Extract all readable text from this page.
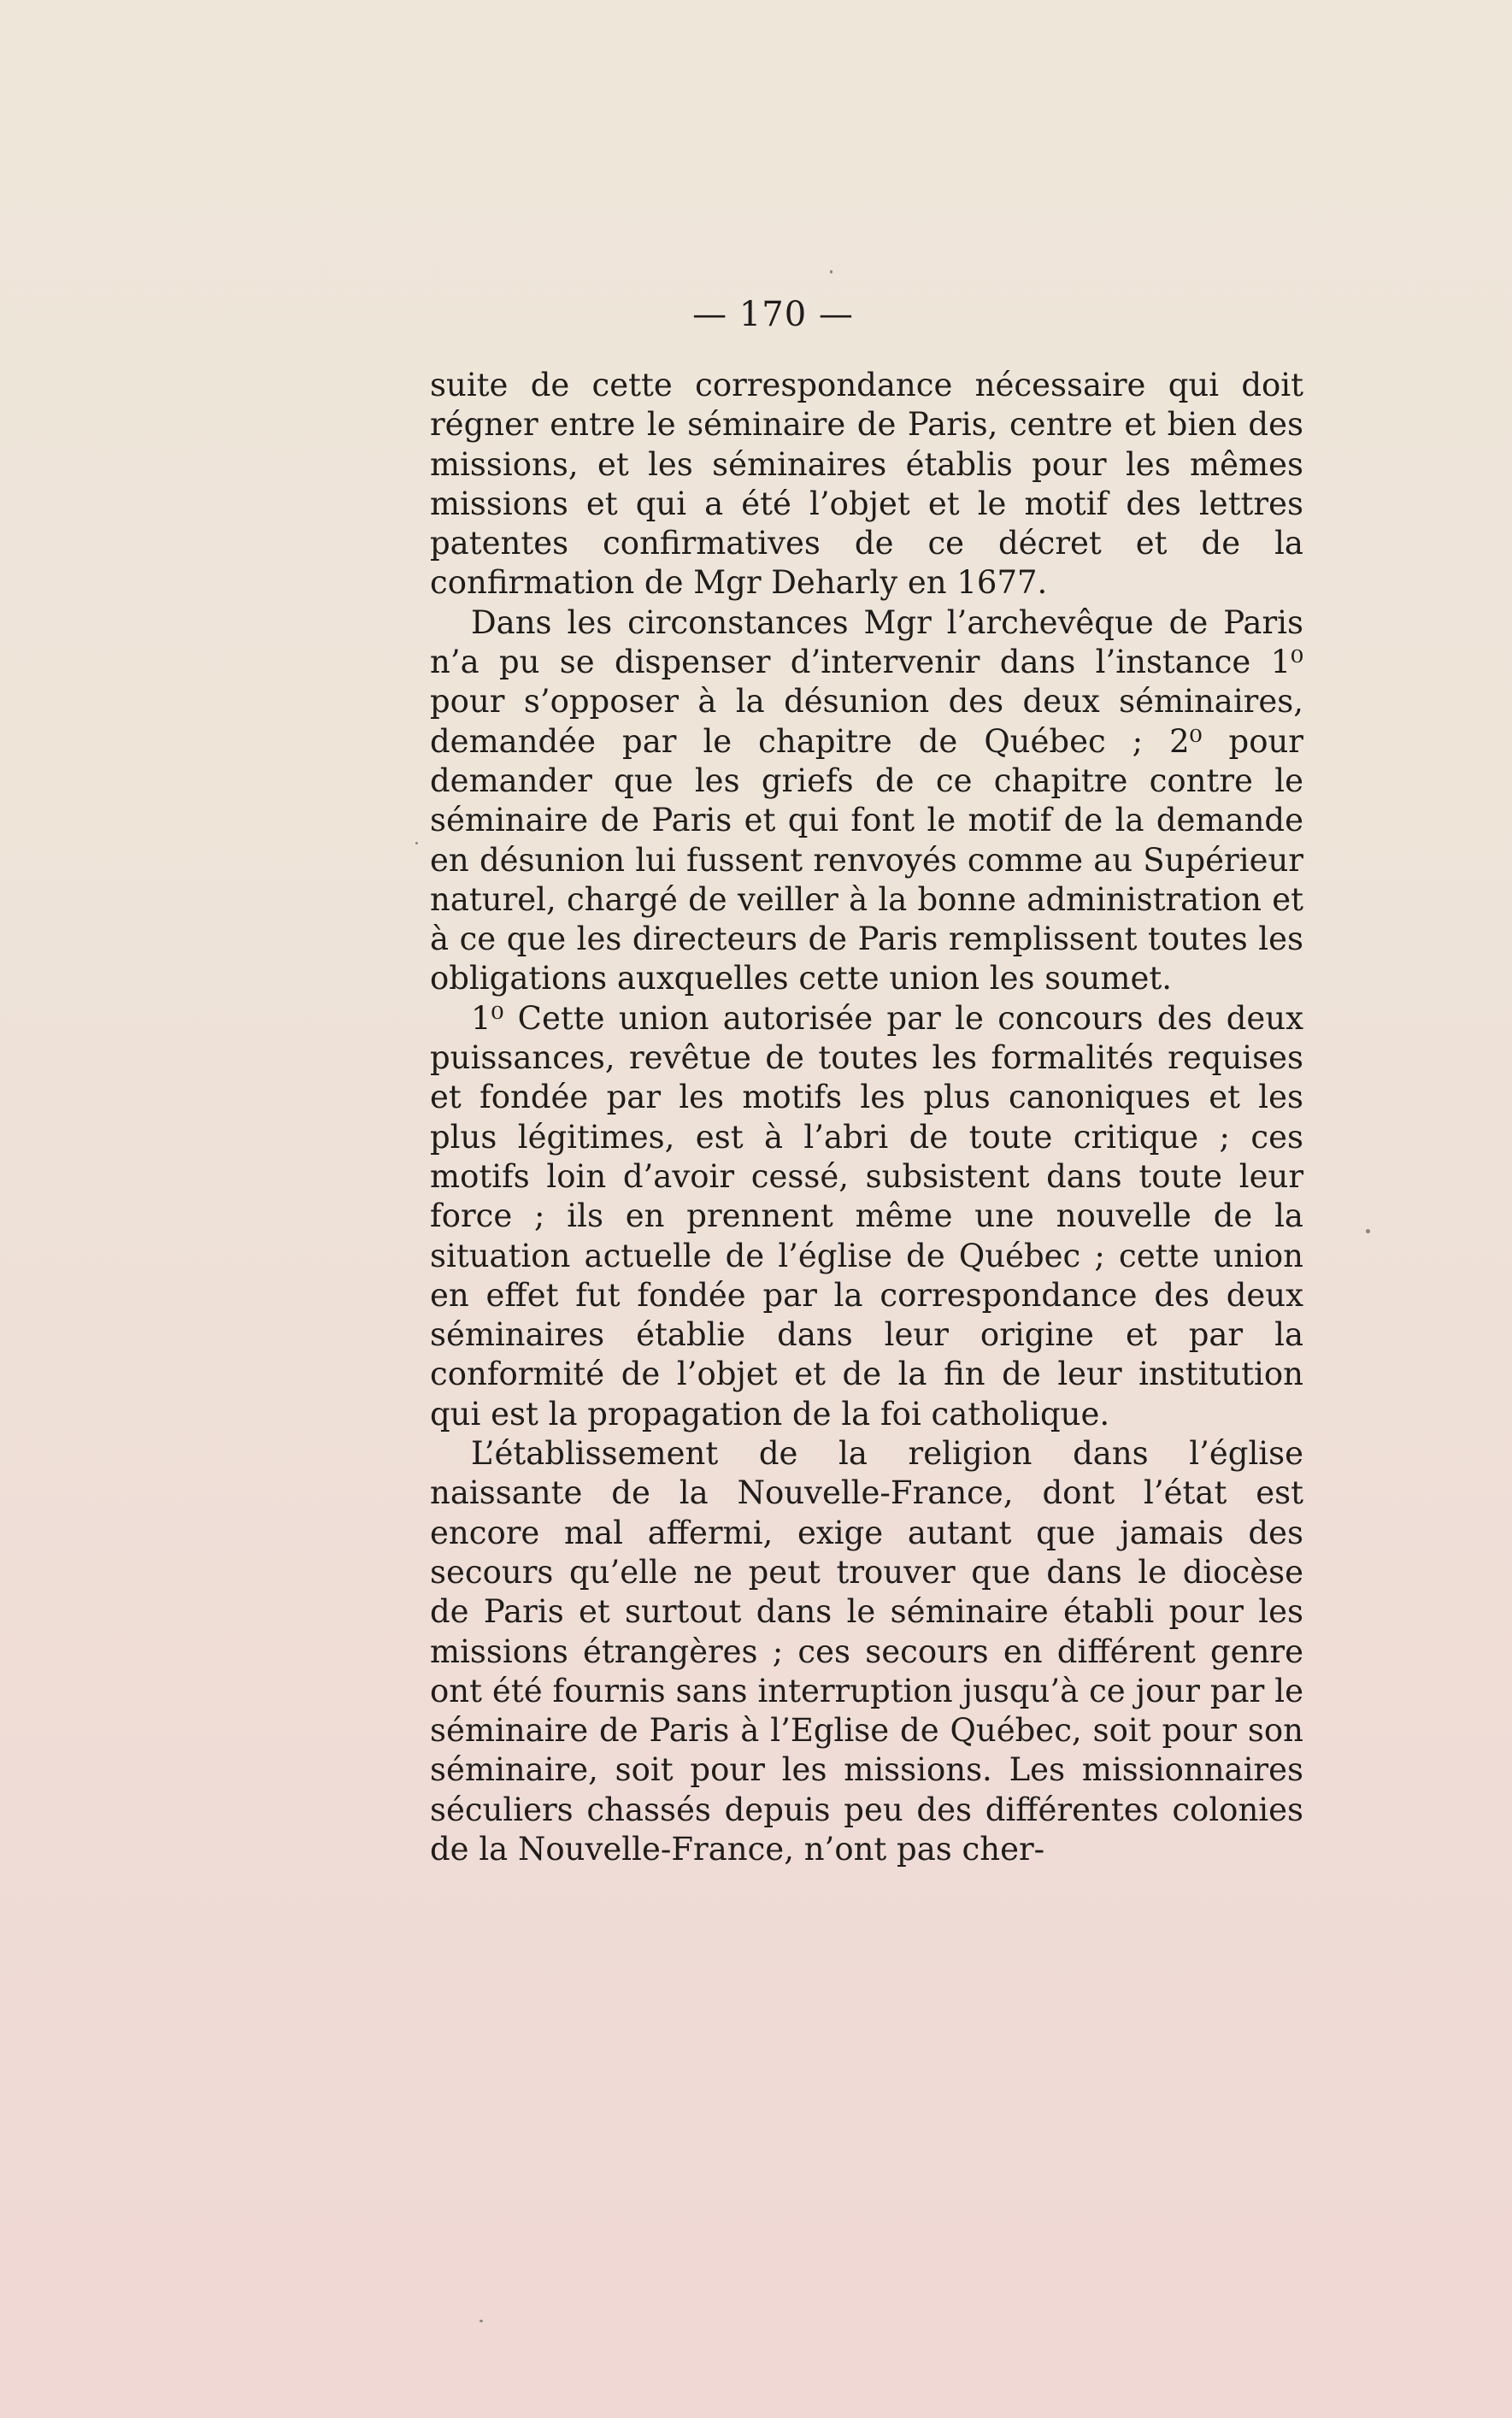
— 170 —

suite de cette correspondance nécessaire qui doit régner entre le séminaire de Paris, centre et bien des missions, et les séminaires établis pour les mêmes missions et qui a été l’objet et le motif des lettres patentes confirmatives de ce décret et de la confirmation de Mgr Deharly en 1677.

Dans les circonstances Mgr l’archevêque de Paris n’a pu se dispenser d’intervenir dans l’instance 1⁰ pour s’opposer à la désunion des deux séminaires, demandée par le chapitre de Québec ; 2⁰ pour demander que les griefs de ce chapitre contre le séminaire de Paris et qui font le motif de la demande en désunion lui fussent renvoyés comme au Supérieur naturel, chargé de veiller à la bonne administration et à ce que les directeurs de Paris remplissent toutes les obligations auxquelles cette union les soumet.

1⁰ Cette union autorisée par le concours des deux puissances, revêtue de toutes les formalités requises et fondée par les motifs les plus canoniques et les plus légitimes, est à l’abri de toute critique ; ces motifs loin d’avoir cessé, subsistent dans toute leur force ; ils en prennent même une nouvelle de la situation actuelle de l’église de Québec ; cette union en effet fut fondée par la correspondance des deux séminaires établie dans leur origine et par la conformité de l’objet et de la fin de leur institution qui est la propagation de la foi catholique.

L’établissement de la religion dans l’église naissante de la Nouvelle-France, dont l’état est encore mal affermi, exige autant que jamais des secours qu’elle ne peut trouver que dans le diocèse de Paris et surtout dans le séminaire établi pour les missions étrangères ; ces secours en différent genre ont été fournis sans interruption jusqu’à ce jour par le séminaire de Paris à l’Eglise de Québec, soit pour son séminaire, soit pour les missions. Les missionnaires séculiers chassés depuis peu des différentes colonies de la Nouvelle-France, n’ont pas cher-
